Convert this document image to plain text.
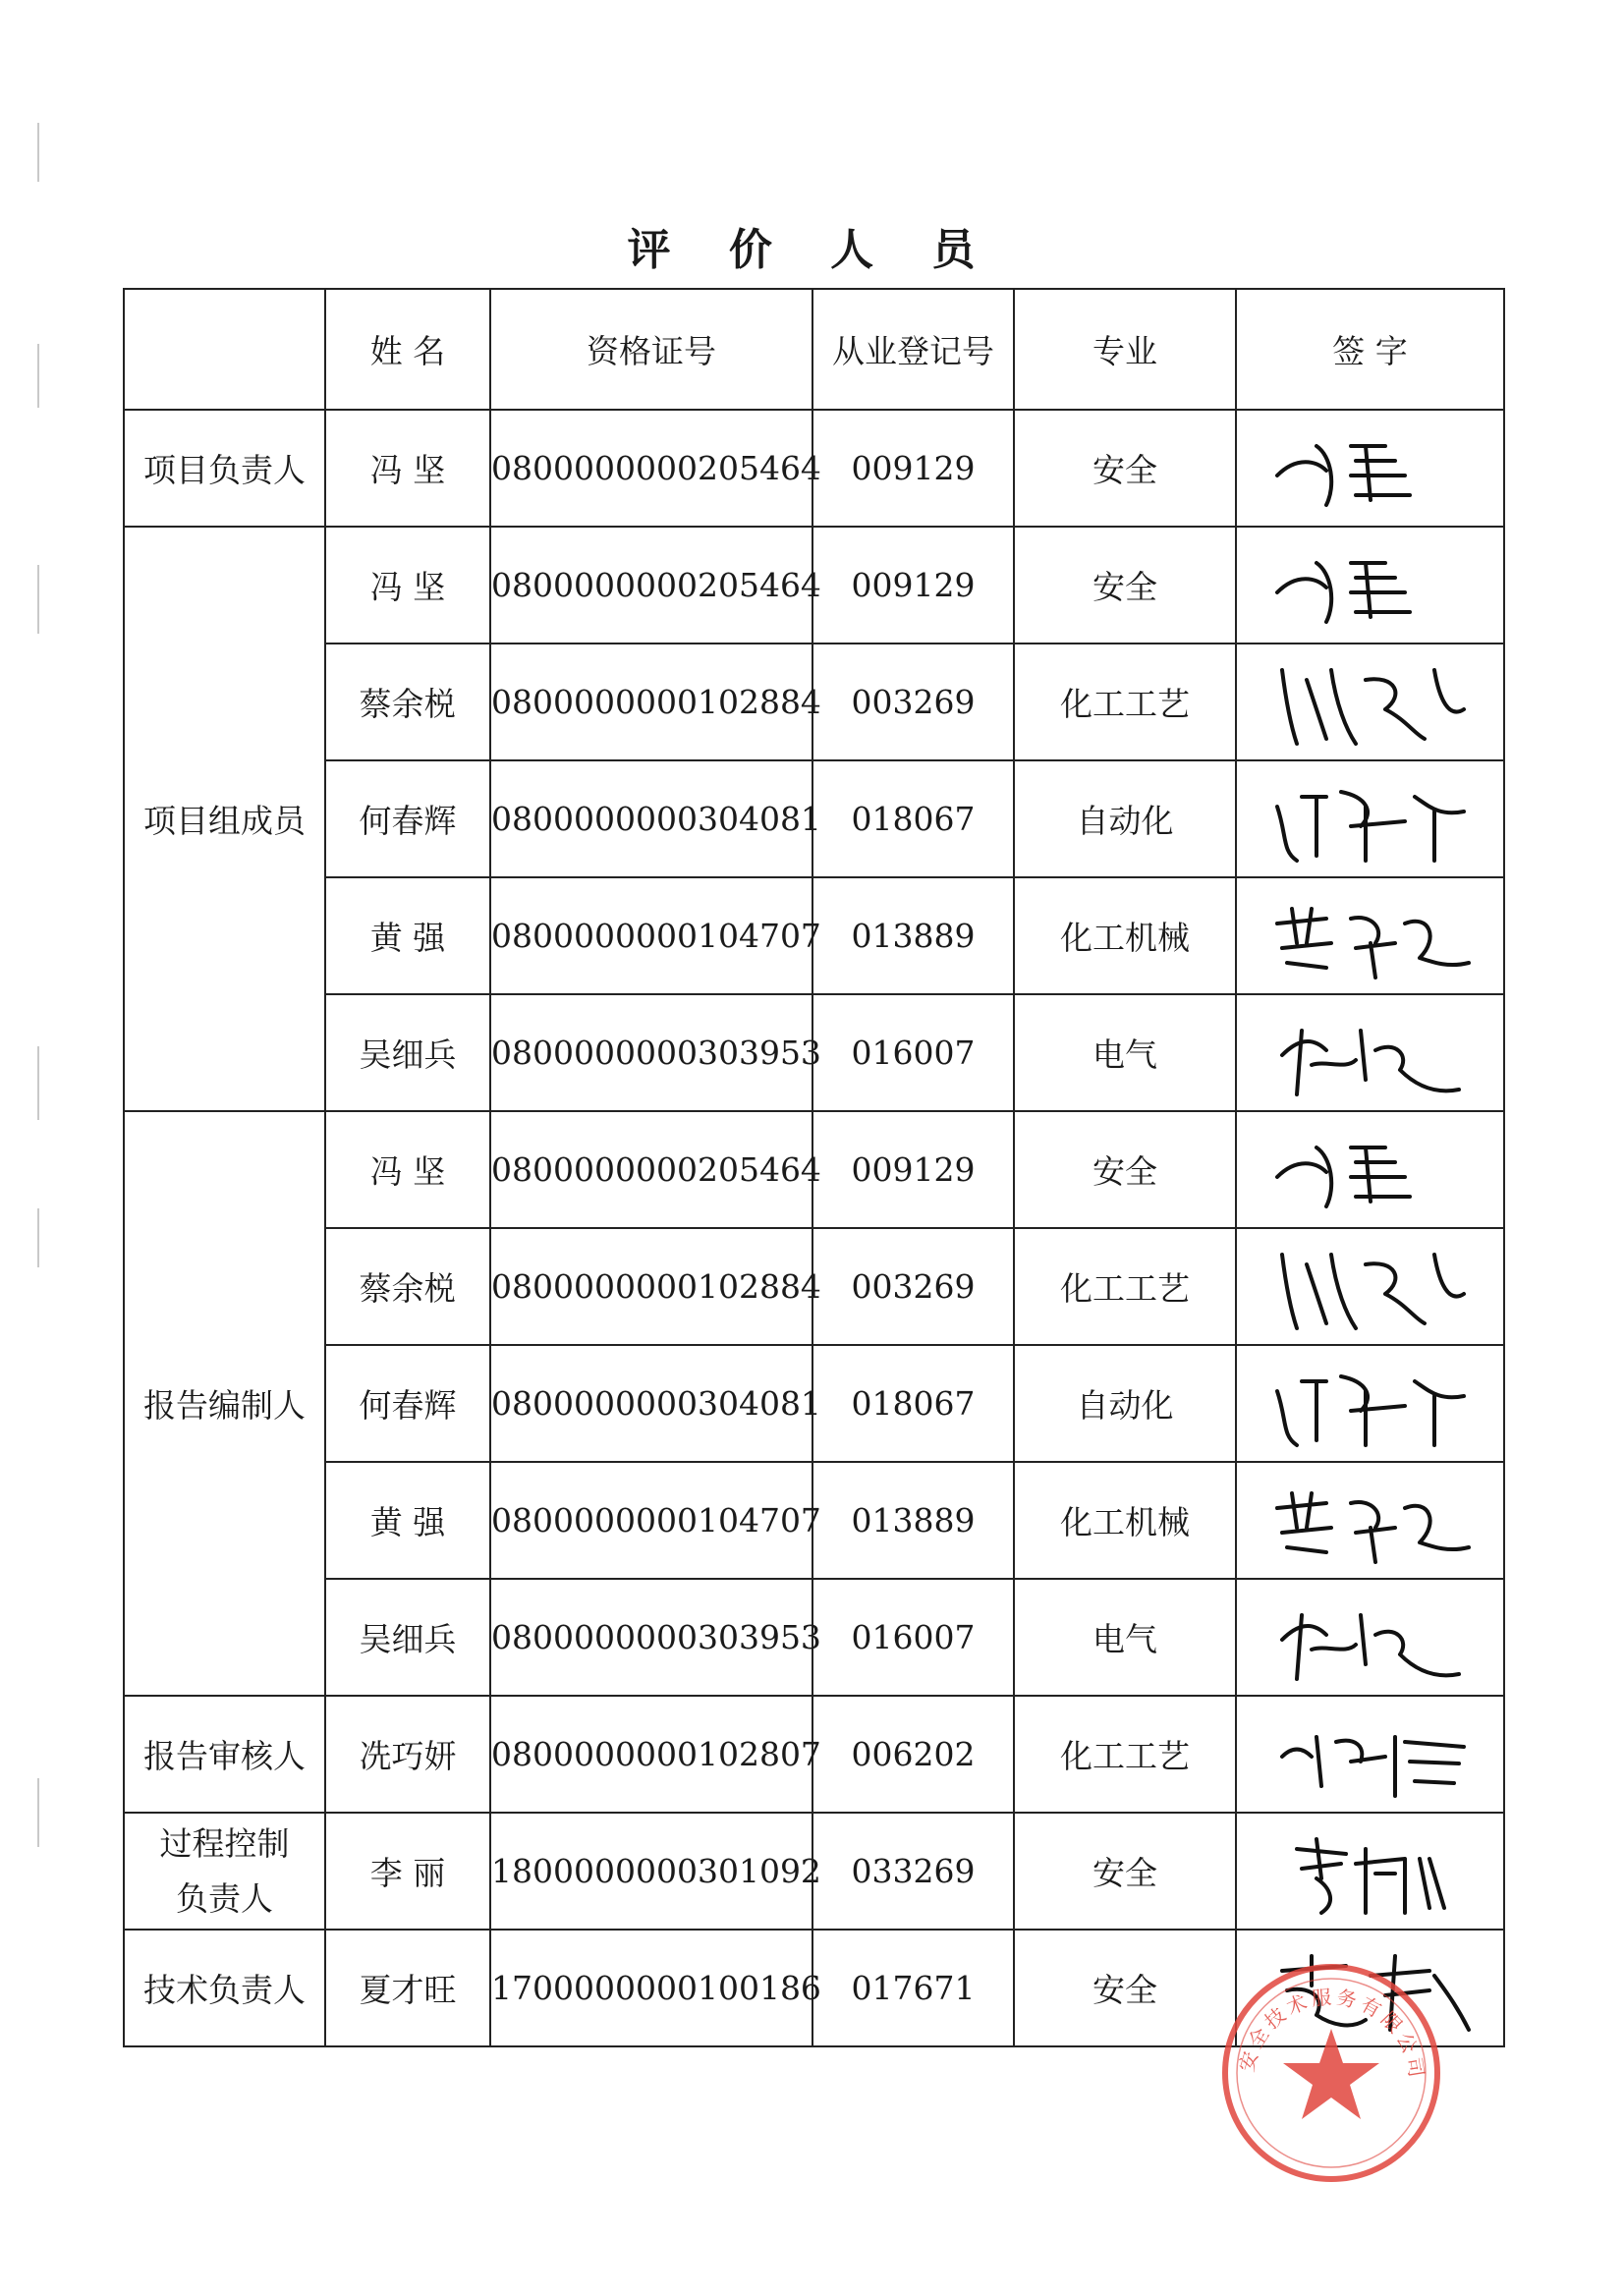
评 价 人 员
	姓 名	资格证号	从业登记号	专业	签 字
项目负责人	冯 坚	0800000000205464	009129	安全	

项目组成员	冯 坚	0800000000205464	009129	安全	

	蔡余棁	0800000000102884	003269	化工工艺	

	何春辉	0800000000304081	018067	自动化	

	黄 强	0800000000104707	013889	化工机械	

	吴细兵	0800000000303953	016007	电气	

报告编制人	冯 坚	0800000000205464	009129	安全	

	蔡余棁	0800000000102884	003269	化工工艺	

	何春辉	0800000000304081	018067	自动化	

	黄 强	0800000000104707	013889	化工机械	

	吴细兵	0800000000303953	016007	电气	

报告审核人	冼巧妍	0800000000102807	006202	化工工艺	

过程控制
负责人	李 丽	1800000000301092	033269	安全	

技术负责人	夏才旺	1700000000100186	017671	安全	
安全技术服务有限公司
